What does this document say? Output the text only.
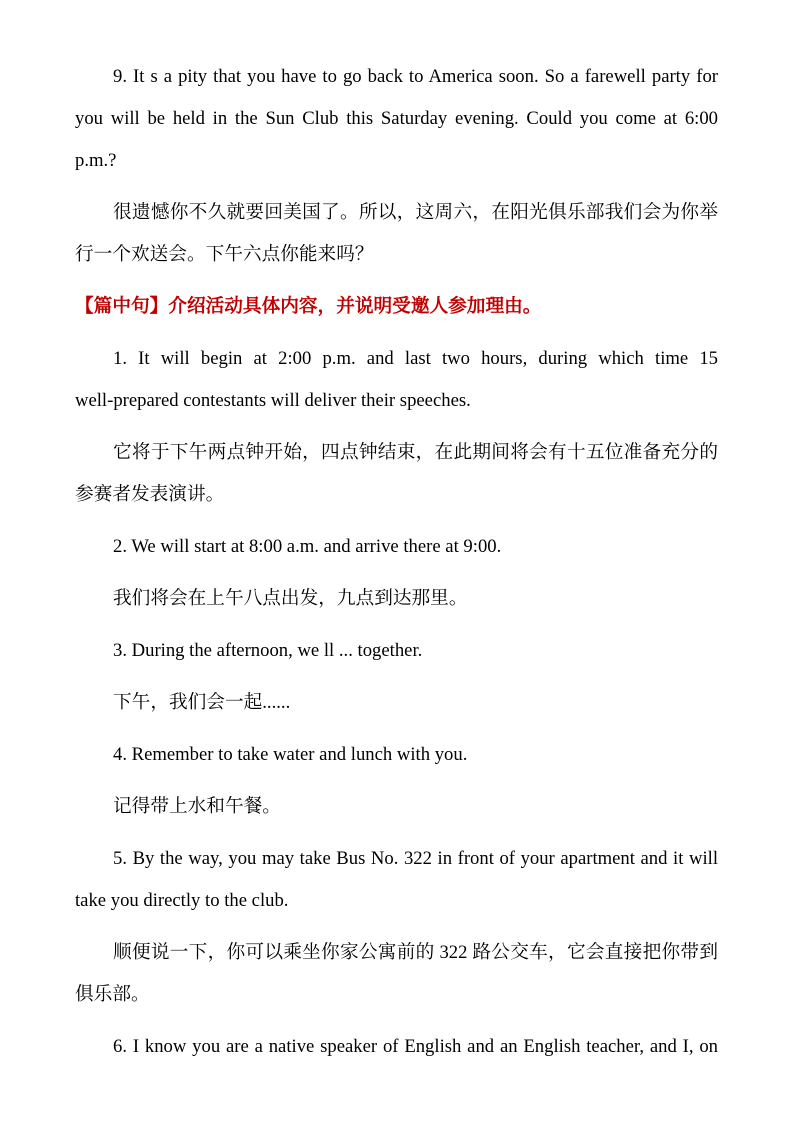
9. It s a pity that you have to go back to America soon. So a farewell party for
you will be held in the Sun Club this Saturday evening. Could you come at 6:00
p.m.?

很遗憾你不久就要回美国了。所以，这周六，在阳光俱乐部我们会为你举
行一个欢送会。下午六点你能来吗？

【篇中句】介绍活动具体内容，并说明受邀人参加理由。

1. It will begin at 2:00 p.m. and last two hours, during which time 15
well-prepared contestants will deliver their speeches.

它将于下午两点钟开始，四点钟结束，在此期间将会有十五位准备充分的
参赛者发表演讲。

2. We will start at 8:00 a.m. and arrive there at 9:00.

我们将会在上午八点出发，九点到达那里。

3. During the afternoon, we ll ... together.

下午，我们会一起......

4. Remember to take water and lunch with you.

记得带上水和午餐。

5. By the way, you may take Bus No. 322 in front of your apartment and it will
take you directly to the club.

顺便说一下，你可以乘坐你家公寓前的 322 路公交车，它会直接把你带到
俱乐部。

6. I know you are a native speaker of English and an English teacher, and I, on
